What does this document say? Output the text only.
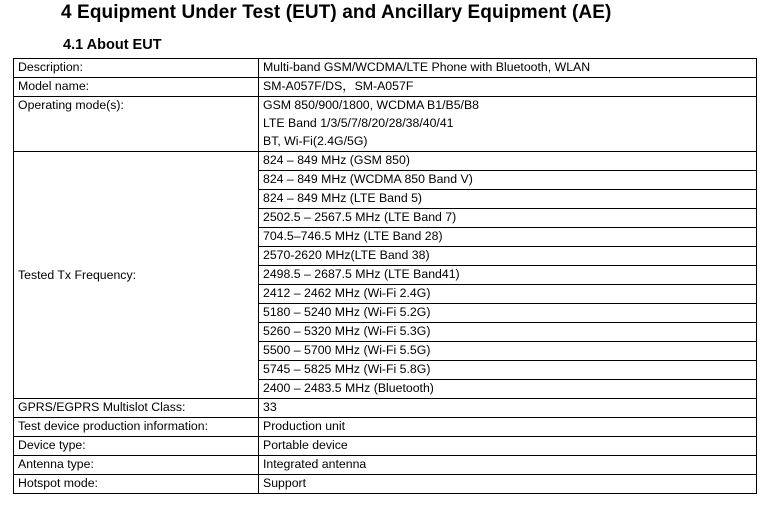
4 Equipment Under Test (EUT) and Ancillary Equipment (AE)
4.1 About EUT
Description:	Multi-band GSM/WCDMA/LTE Phone with Bluetooth, WLAN
Model name:	SM-A057F/DS，SM-A057F
Operating mode(s):	GSM 850/900/1800, WCDMA B1/B5/B8
	LTE Band 1/3/5/7/8/20/28/38/40/41
	BT, Wi-Fi(2.4G/5G)
Tested Tx Frequency:	824 – 849 MHz (GSM 850)
	824 – 849 MHz (WCDMA 850 Band V)
	824 – 849 MHz (LTE Band 5)
	2502.5 – 2567.5 MHz (LTE Band 7)
	704.5–746.5 MHz (LTE Band 28)
	2570-2620 MHz(LTE Band 38)
	2498.5 – 2687.5 MHz (LTE Band41)
	2412 – 2462 MHz (Wi-Fi 2.4G)
	5180 – 5240 MHz (Wi-Fi 5.2G)
	5260 – 5320 MHz (Wi-Fi 5.3G)
	5500 – 5700 MHz (Wi-Fi 5.5G)
	5745 – 5825 MHz (Wi-Fi 5.8G)
	2400 – 2483.5 MHz (Bluetooth)
GPRS/EGPRS Multislot Class:	33
Test device production information:	Production unit
Device type:	Portable device
Antenna type:	Integrated antenna
Hotspot mode:	Support
